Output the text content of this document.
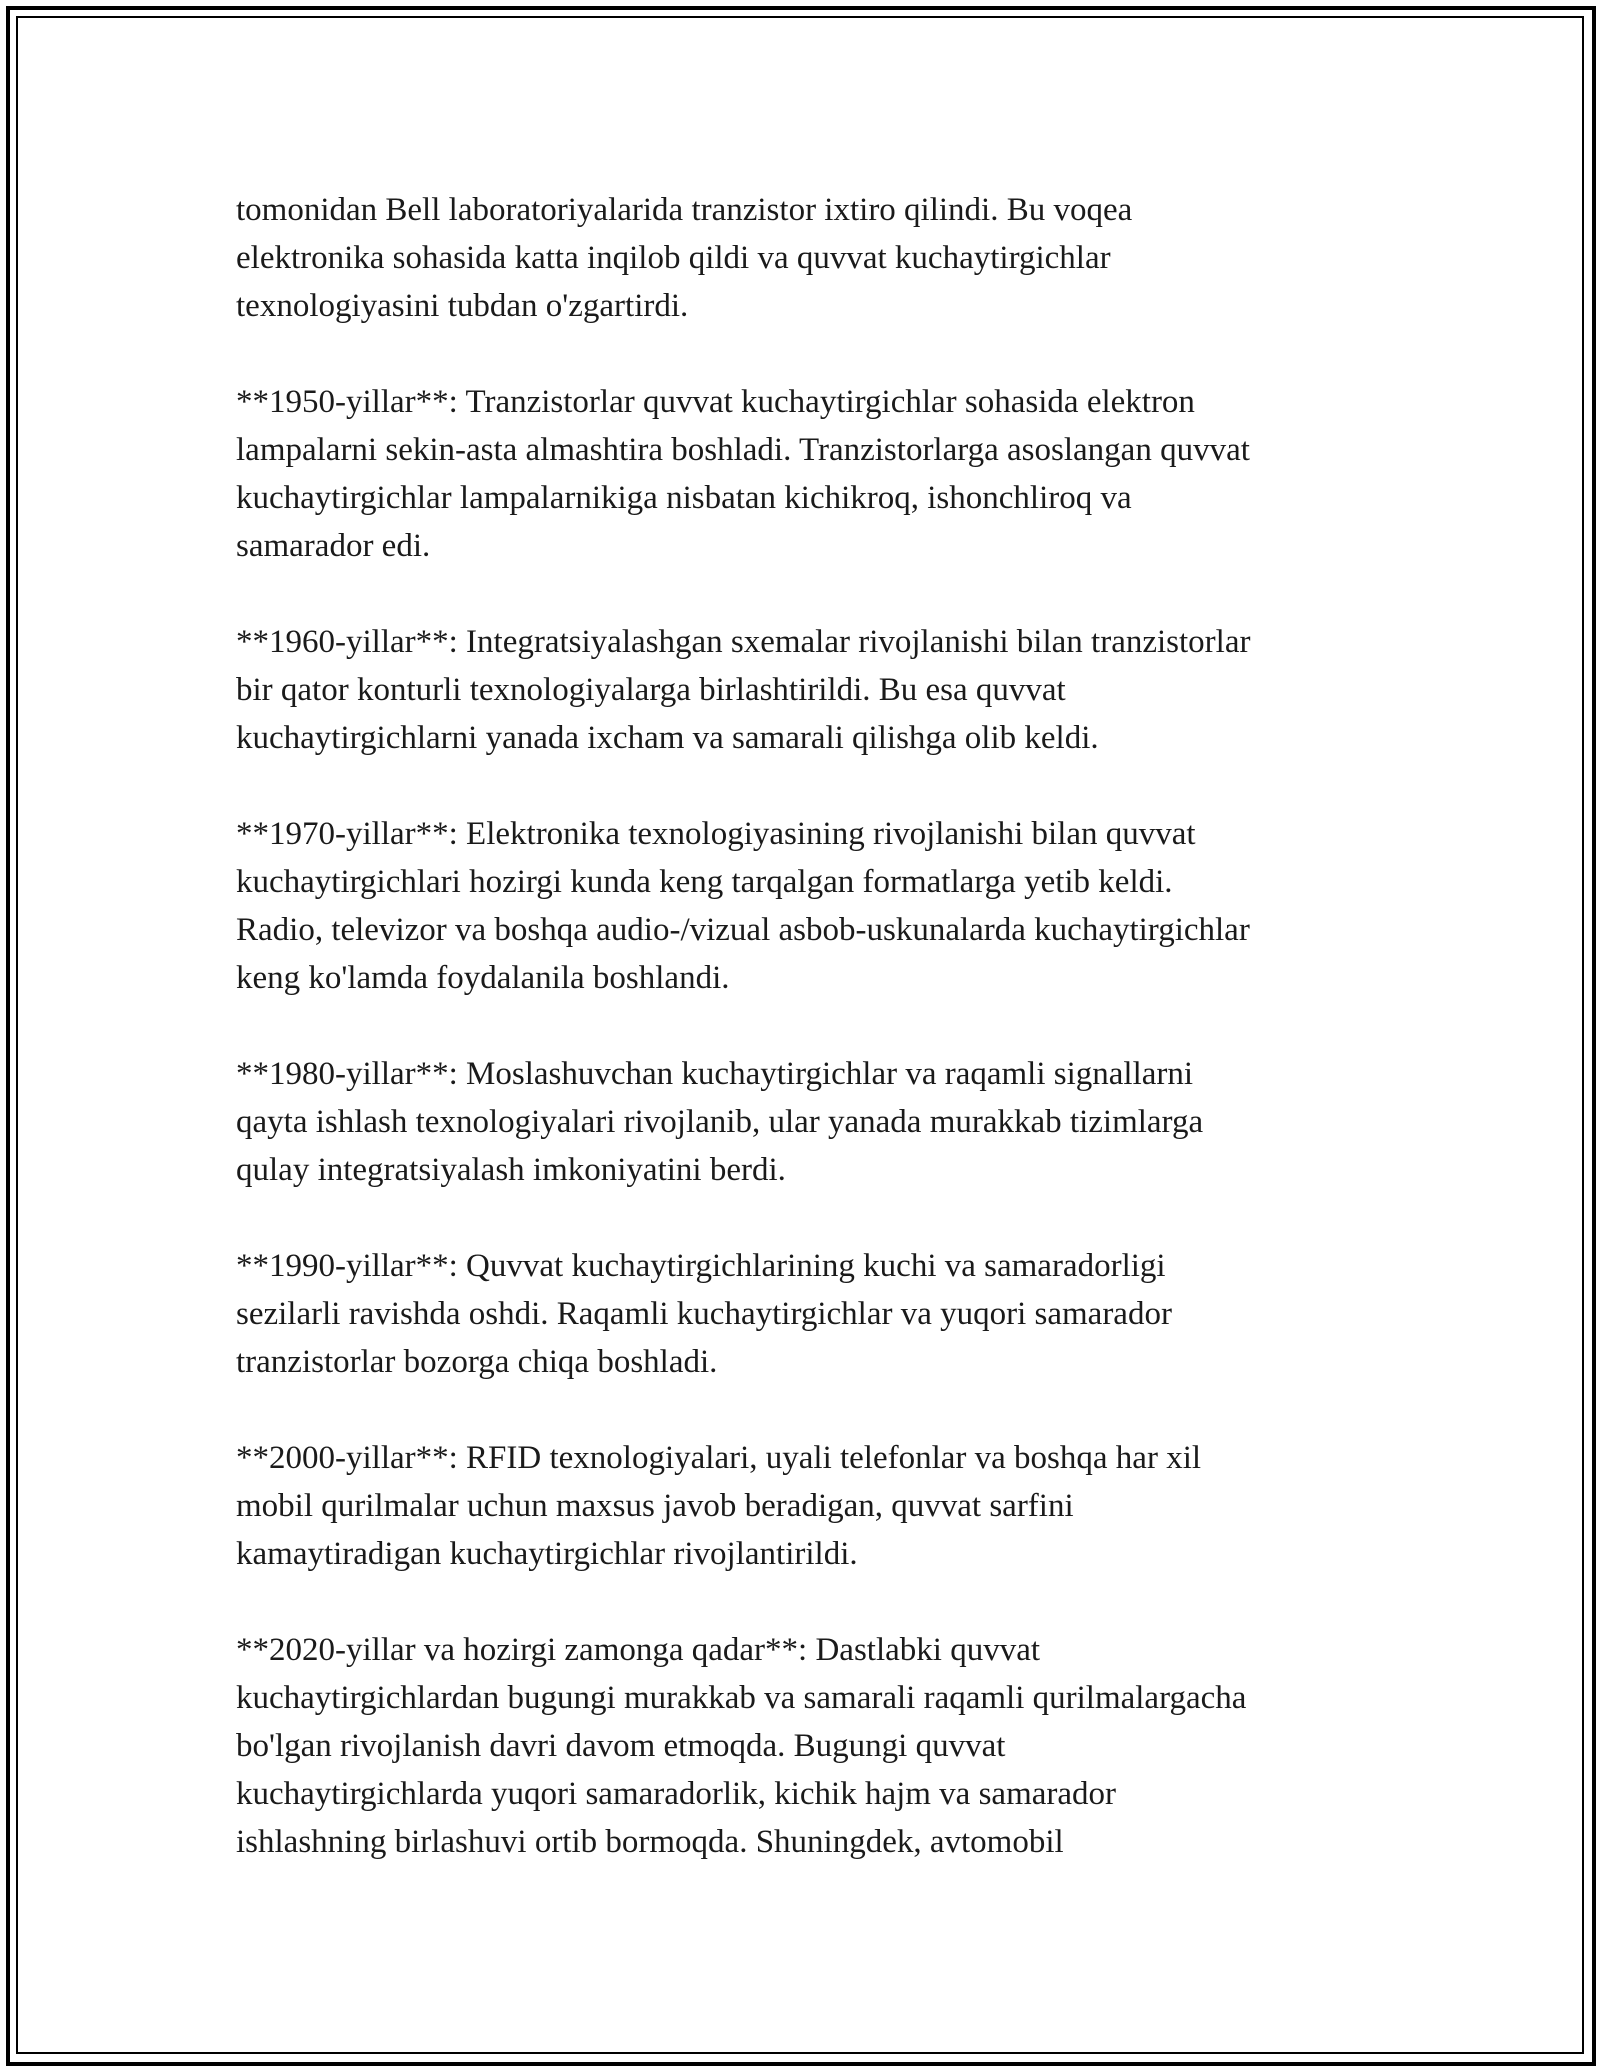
tomonidan Bell laboratoriyalarida tranzistor ixtiro qilindi. Bu voqea
elektronika sohasida katta inqilob qildi va quvvat kuchaytirgichlar
texnologiyasini tubdan o'zgartirdi.

**1950-yillar**: Tranzistorlar quvvat kuchaytirgichlar sohasida elektron
lampalarni sekin-asta almashtira boshladi. Tranzistorlarga asoslangan quvvat
kuchaytirgichlar lampalarnikiga nisbatan kichikroq, ishonchliroq va
samarador edi.

**1960-yillar**: Integratsiyalashgan sxemalar rivojlanishi bilan tranzistorlar
bir qator konturli texnologiyalarga birlashtirildi. Bu esa quvvat
kuchaytirgichlarni yanada ixcham va samarali qilishga olib keldi.

**1970-yillar**: Elektronika texnologiyasining rivojlanishi bilan quvvat
kuchaytirgichlari hozirgi kunda keng tarqalgan formatlarga yetib keldi.
Radio, televizor va boshqa audio-/vizual asbob-uskunalarda kuchaytirgichlar
keng ko'lamda foydalanila boshlandi.

**1980-yillar**: Moslashuvchan kuchaytirgichlar va raqamli signallarni
qayta ishlash texnologiyalari rivojlanib, ular yanada murakkab tizimlarga
qulay integratsiyalash imkoniyatini berdi.

**1990-yillar**: Quvvat kuchaytirgichlarining kuchi va samaradorligi
sezilarli ravishda oshdi. Raqamli kuchaytirgichlar va yuqori samarador
tranzistorlar bozorga chiqa boshladi.

**2000-yillar**: RFID texnologiyalari, uyali telefonlar va boshqa har xil
mobil qurilmalar uchun maxsus javob beradigan, quvvat sarfini
kamaytiradigan kuchaytirgichlar rivojlantirildi.

**2020-yillar va hozirgi zamonga qadar**: Dastlabki quvvat
kuchaytirgichlardan bugungi murakkab va samarali raqamli qurilmalargacha
bo'lgan rivojlanish davri davom etmoqda. Bugungi quvvat
kuchaytirgichlarda yuqori samaradorlik, kichik hajm va samarador
ishlashning birlashuvi ortib bormoqda. Shuningdek, avtomobil
